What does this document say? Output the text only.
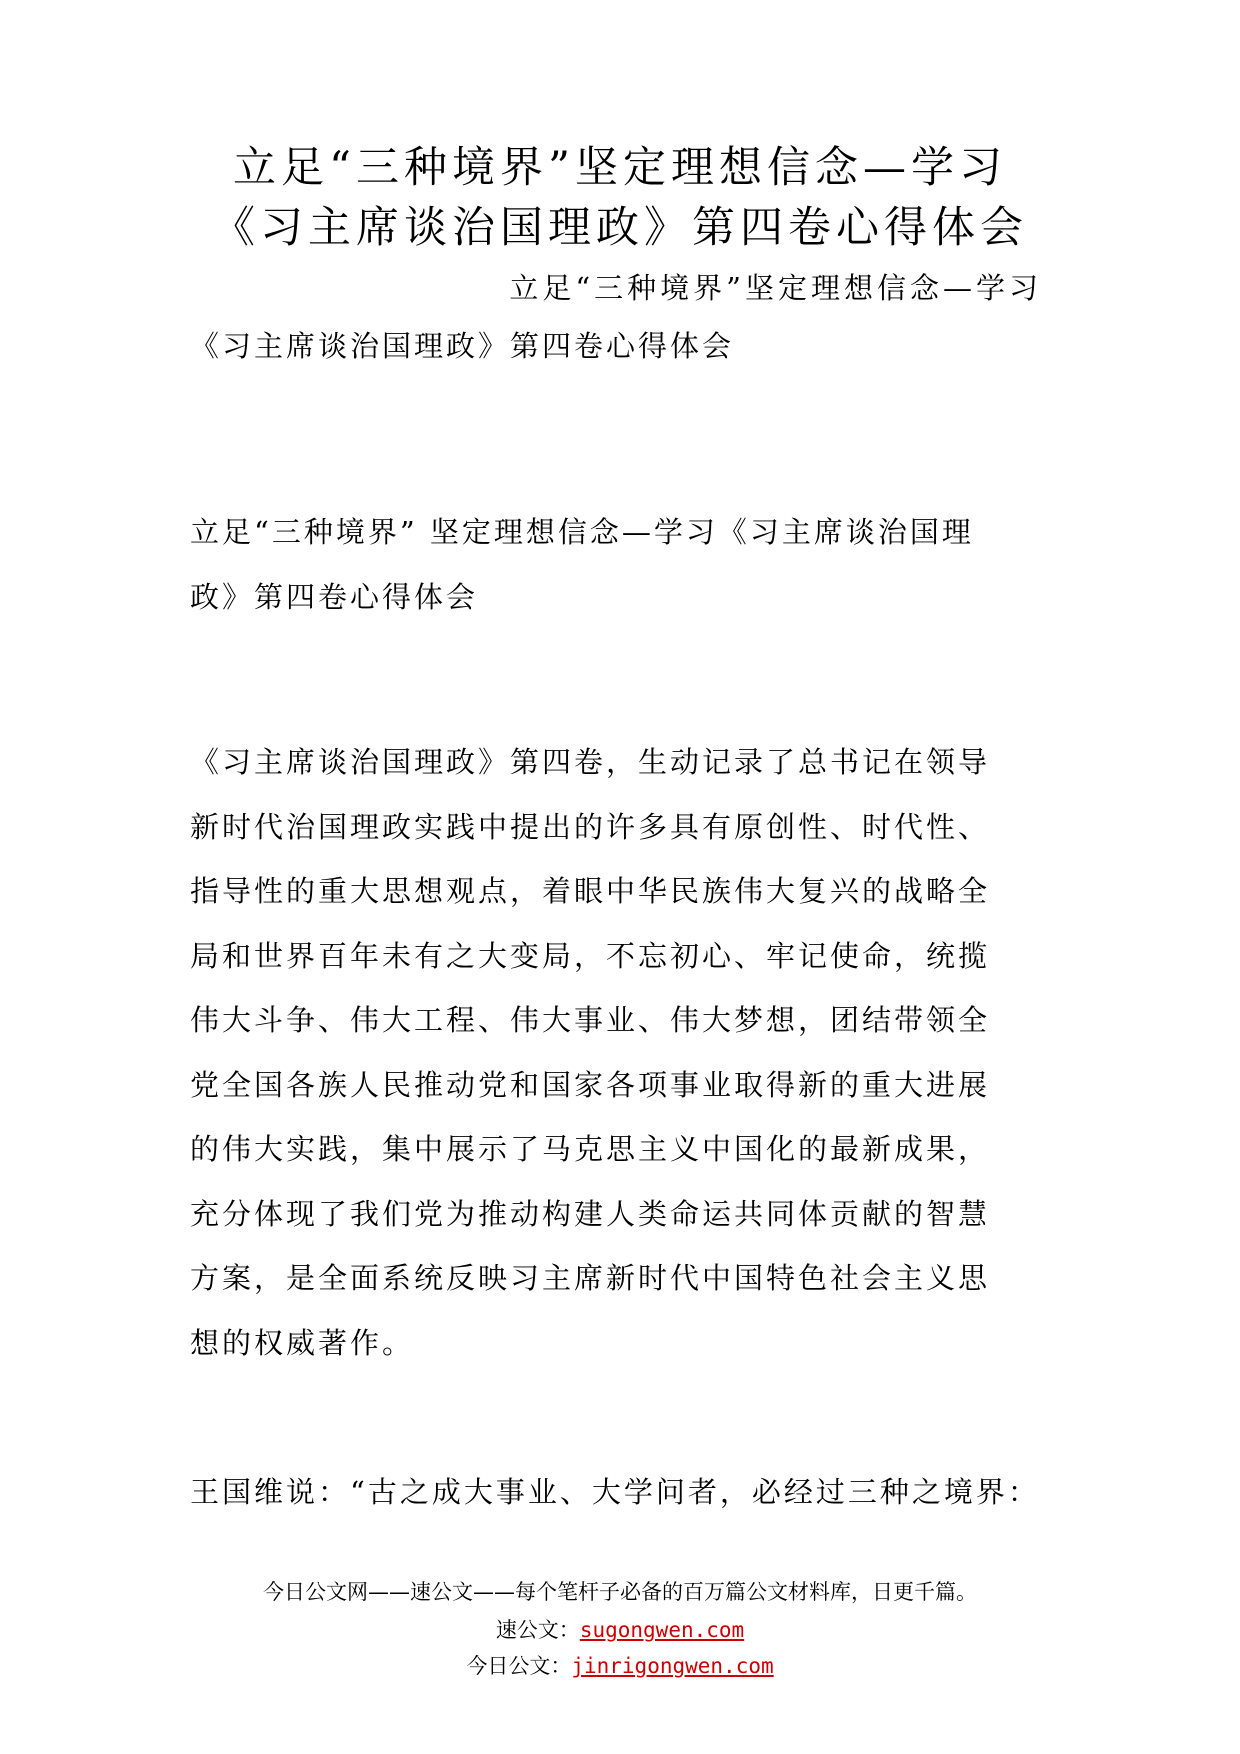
立足“三种境界”坚定理想信念—学习
《习主席谈治国理政》第四卷心得体会
立足“三种境界”坚定理想信念—学习
《习主席谈治国理政》第四卷心得体会
立足“三种境界” 坚定理想信念—学习《习主席谈治国理
政》第四卷心得体会
《习主席谈治国理政》第四卷，生动记录了总书记在领导
新时代治国理政实践中提出的许多具有原创性、时代性、
指导性的重大思想观点，着眼中华民族伟大复兴的战略全
局和世界百年未有之大变局，不忘初心、牢记使命，统揽
伟大斗争、伟大工程、伟大事业、伟大梦想，团结带领全
党全国各族人民推动党和国家各项事业取得新的重大进展
的伟大实践，集中展示了马克思主义中国化的最新成果，
充分体现了我们党为推动构建人类命运共同体贡献的智慧
方案，是全面系统反映习主席新时代中国特色社会主义思
想的权威著作。
王国维说：“古之成大事业、大学问者，必经过三种之境界：
今日公文网——速公文——每个笔杆子必备的百万篇公文材料库，日更千篇。
速公文：sugongwen.com
今日公文：jinrigongwen.com
